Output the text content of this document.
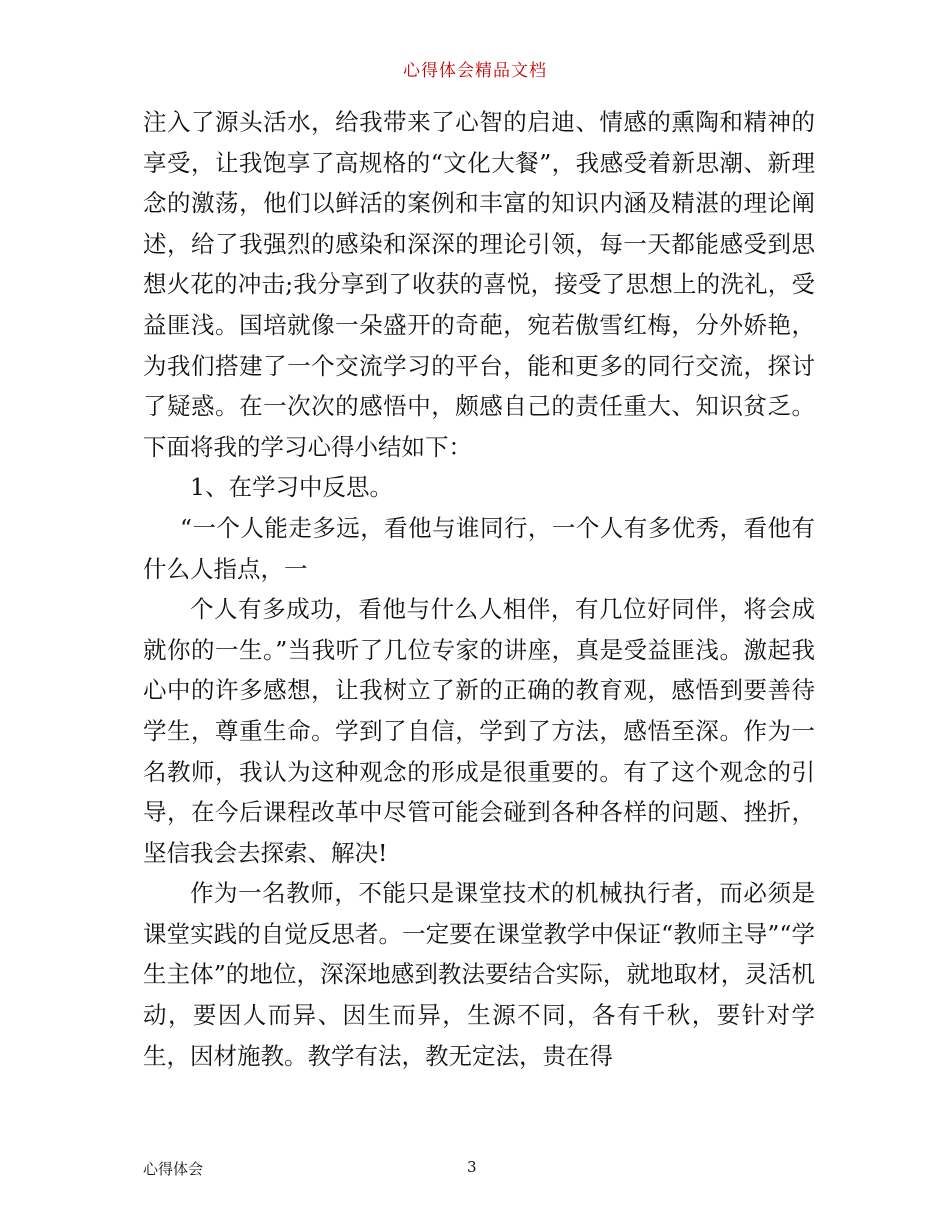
心得体会精品文档

注入了源头活水，给我带来了心智的启迪、情感的熏陶和精神的享受，让我饱享了高规格的“文化大餐”，我感受着新思潮、新理念的激荡，他们以鲜活的案例和丰富的知识内涵及精湛的理论阐述，给了我强烈的感染和深深的理论引领，每一天都能感受到思想火花的冲击;我分享到了收获的喜悦，接受了思想上的洗礼，受益匪浅。国培就像一朵盛开的奇葩，宛若傲雪红梅，分外娇艳，为我们搭建了一个交流学习的平台，能和更多的同行交流，探讨了疑惑。在一次次的感悟中，颇感自己的责任重大、知识贫乏。下面将我的学习心得小结如下：

1、在学习中反思。

“一个人能走多远，看他与谁同行，一个人有多优秀，看他有什么人指点，一

个人有多成功，看他与什么人相伴，有几位好同伴，将会成就你的一生。”当我听了几位专家的讲座，真是受益匪浅。激起我心中的许多感想，让我树立了新的正确的教育观，感悟到要善待学生，尊重生命。学到了自信，学到了方法，感悟至深。作为一名教师，我认为这种观念的形成是很重要的。有了这个观念的引导，在今后课程改革中尽管可能会碰到各种各样的问题、挫折，坚信我会去探索、解决!

作为一名教师，不能只是课堂技术的机械执行者，而必须是课堂实践的自觉反思者。一定要在课堂教学中保证“教师主导”“学生主体”的地位，深深地感到教法要结合实际，就地取材，灵活机动，要因人而异、因生而异，生源不同，各有千秋，要针对学生，因材施教。教学有法，教无定法，贵在得

心得体会	3
